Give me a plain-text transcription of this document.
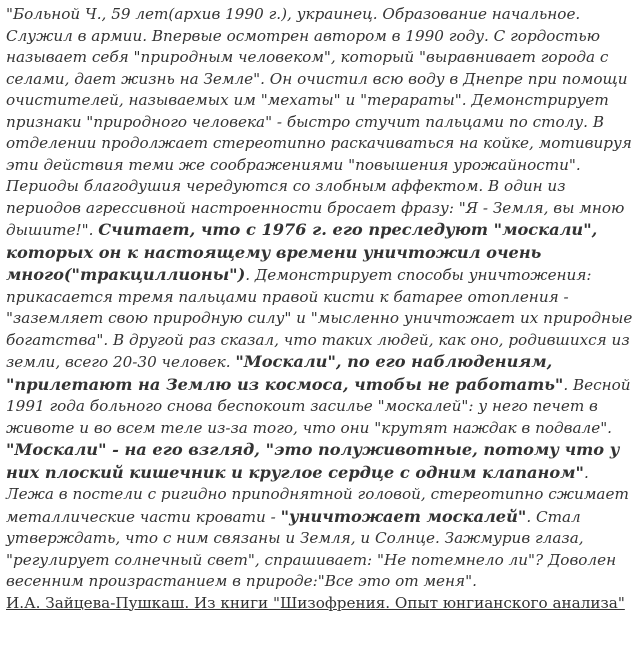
"Больной Ч., 59 лет(архив 1990 г.), украинец. Образование начальное. Служил в армии. Впервые осмотрен автором в 1990 году. С гордостью называет себя "природным человеком", который "выравнивает города с селами, дает жизнь на Земле". Он очистил всю воду в Днепре при помощи очистителей, называемых им "мехаты" и "терараты". Демонстрирует признаки "природного человека" - быстро стучит пальцами по столу. В отделении продолжает стереотипно раскачиваться на койке, мотивируя эти действия теми же соображениями "повышения урожайности". Периоды благодушия чередуются со злобным аффектом. В один из периодов агрессивной настроенности бросает фразу: "Я - Земля, вы мною дышите!". Считает, что с 1976 г. его преследуют "москали", которых он к настоящему времени уничтожил очень много("тракциллионы"). Демонстрирует способы уничтожения: прикасается тремя пальцами правой кисти к батарее отопления - "заземляет свою природную силу" и "мысленно уничтожает их природные богатства". В другой раз сказал, что таких людей, как оно, родившихся из земли, всего 20-30 человек. "Москали", по его наблюдениям, "прилетают на Землю из космоса, чтобы не работать". Весной 1991 года больного снова беспокоит засилье "москалей": у него печет в животе и во всем теле из-за того, что они "крутят наждак в подвале". "Москали" - на его взгляд, "это полуживотные, потому что у них плоский кишечник и круглое сердце с одним клапаном". Лежа в постели с ригидно приподнятной головой, стереотипно сжимает металлические части кровати - "уничтожает москалей". Стал утверждать, что с ним связаны и Земля, и Солнце. Зажмурив глаза, "регулирует солнечный свет", спрашивает: "Не потемнело ли"? Доволен весенним произрастанием в природе:"Все это от меня".

И.А. Зайцева-Пушкаш. Из книги "Шизофрения. Опыт юнгианского анализа"
